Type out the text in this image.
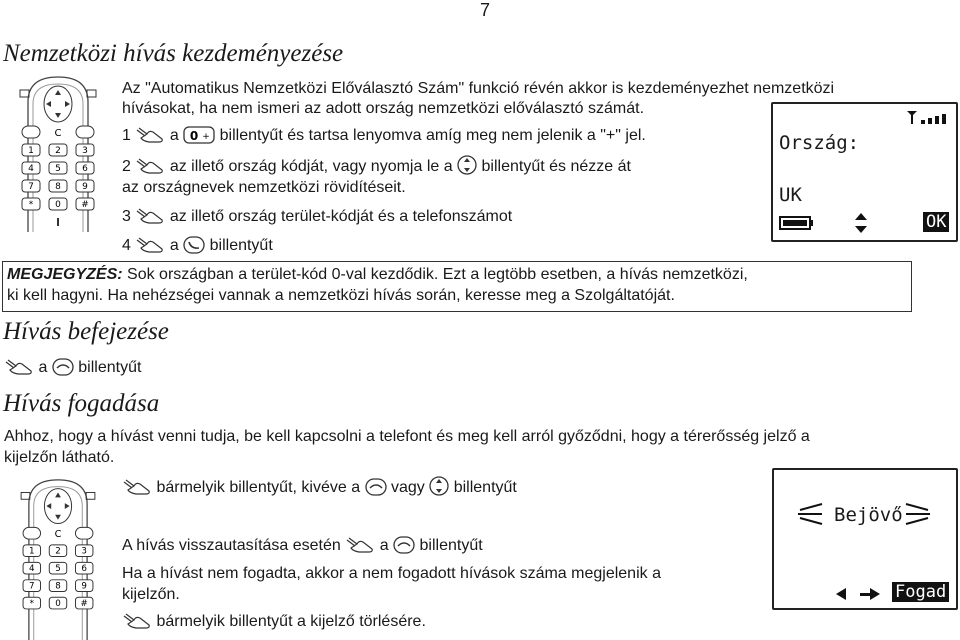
7
Nemzetközi hívás kezdeményezése
C
1 2 3
4 5 6
7 8 9
* 0 #
Az "Automatikus Nemzetközi Előválasztó Szám" funkció révén akkor is kezdeményezhet nemzetközi
hívásokat, ha nem ismeri az adott ország nemzetközi előválasztó számát.
1 a 0 + billentyűt és tartsa lenyomva amíg meg nem jelenik a "+" jel.
2 az illető ország kódját, vagy nyomja le a billentyűt és nézze át
az országnevek nemzetközi rövidítéseit.
3 az illető ország terület-kódját és a telefonszámot
4 a billentyűt
Ország:
UK
OK
MEGJEGYZÉS: Sok országban a terület-kód 0-val kezdődik. Ezt a legtöbb esetben, a hívás nemzetközi,
ki kell hagyni. Ha nehézségei vannak a nemzetközi hívás során, keresse meg a Szolgáltatóját.
Hívás befejezése
a billentyűt
Hívás fogadása
Ahhoz, hogy a hívást venni tudja, be kell kapcsolni a telefont és meg kell arról győződni, hogy a térerősség jelző a
kijelzőn látható.
C
1 2 3
4 5 6
7 8 9
* 0 #
bármelyik billentyűt, kivéve a vagy billentyűt
A hívás visszautasítása esetén a billentyűt
Ha a hívást nem fogadta, akkor a nem fogadott hívások száma megjelenik a
kijelzőn.
bármelyik billentyűt a kijelző törlésére.
Bejövő
Fogad
